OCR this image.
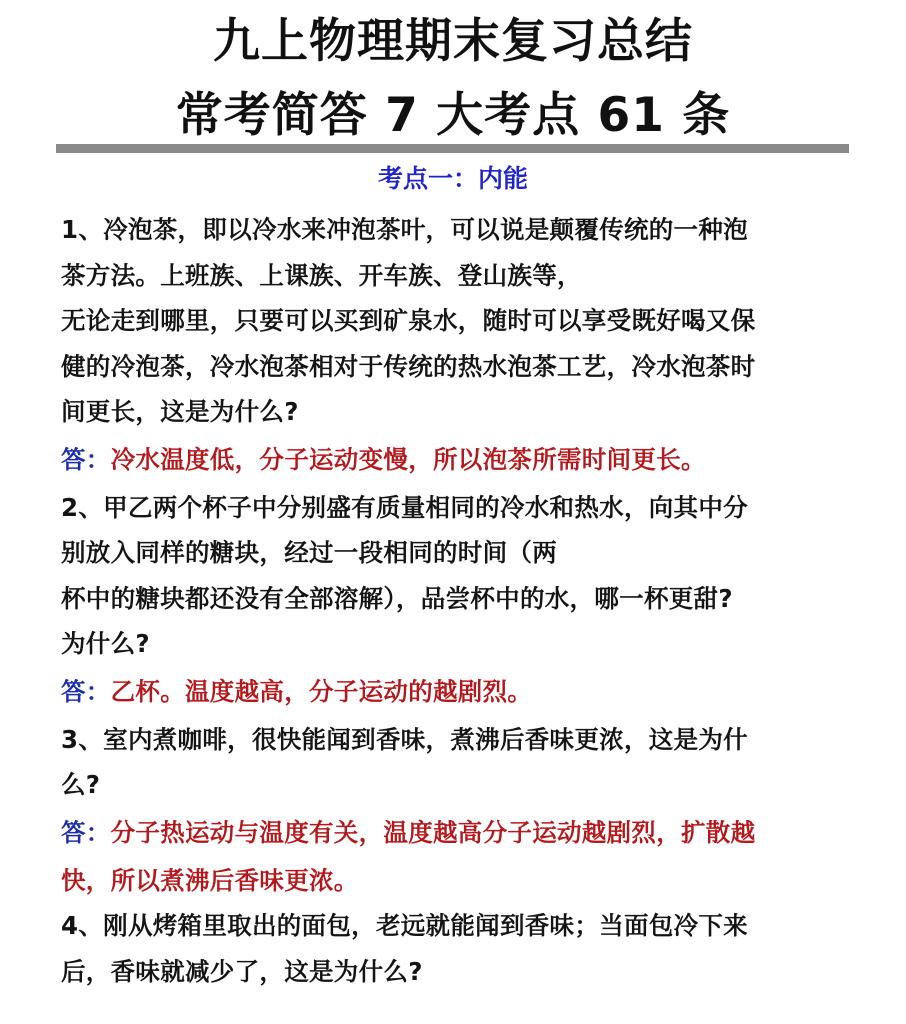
九上物理期末复习总结
常考简答 7 大考点 61 条
考点一：内能
1、冷泡茶，即以冷水来冲泡茶叶，可以说是颠覆传统的一种泡
茶方法。上班族、上课族、开车族、登山族等，
无论走到哪里，只要可以买到矿泉水，随时可以享受既好喝又保
健的冷泡茶，冷水泡茶相对于传统的热水泡茶工艺，冷水泡茶时
间更长，这是为什么?
答：冷水温度低，分子运动变慢，所以泡茶所需时间更长。
2、甲乙两个杯子中分别盛有质量相同的冷水和热水，向其中分
别放入同样的糖块，经过一段相同的时间（两
杯中的糖块都还没有全部溶解），品尝杯中的水，哪一杯更甜?
为什么?
答：乙杯。温度越高，分子运动的越剧烈。
3、室内煮咖啡，很快能闻到香味，煮沸后香味更浓，这是为什
么?
答：分子热运动与温度有关，温度越高分子运动越剧烈，扩散越
快，所以煮沸后香味更浓。
4、刚从烤箱里取出的面包，老远就能闻到香味；当面包冷下来
后，香味就减少了，这是为什么?
